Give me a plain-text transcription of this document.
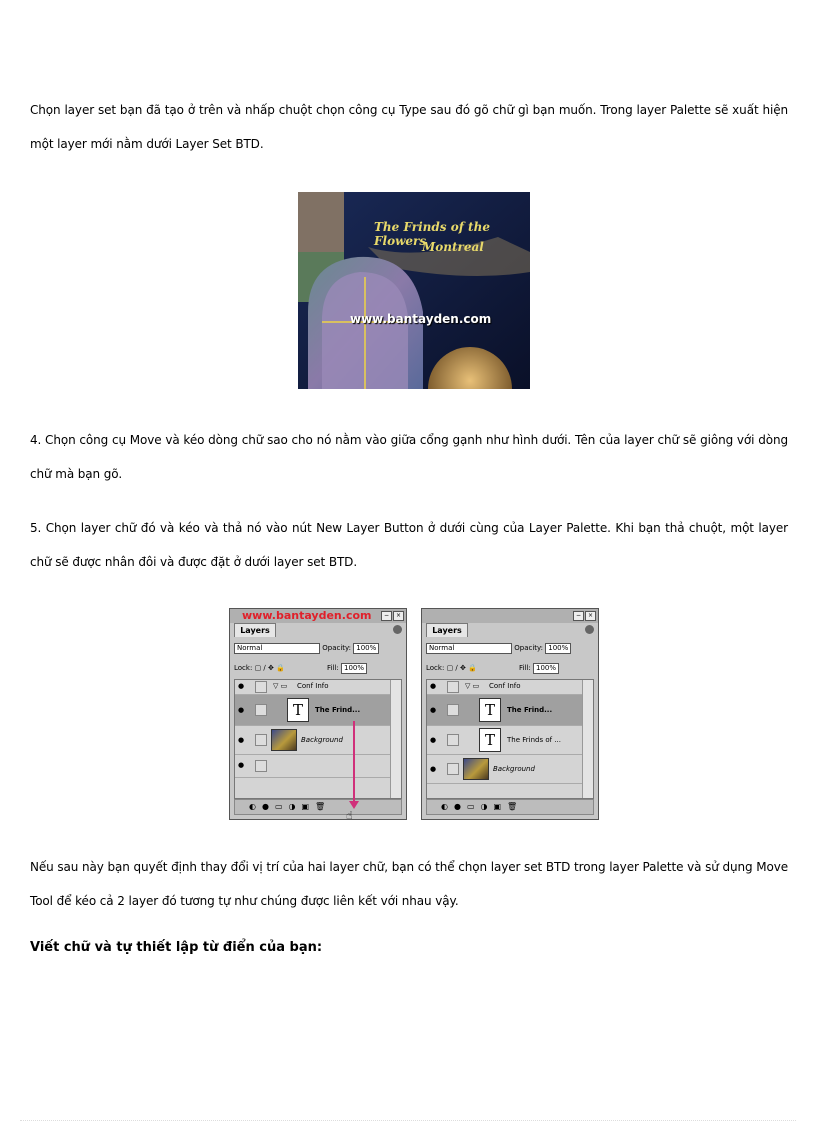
Chọn layer set bạn đã tạo ở trên và nhấp chuột chọn công cụ Type sau đó gõ chữ gì bạn muốn. Trong layer Palette sẽ xuất hiện một layer mới nằm dưới Layer Set BTD.
The Frinds of the Flowers
Montreal
www.bantayden.com
4. Chọn công cụ Move và kéo dòng chữ sao cho nó nằm vào giữa cổng gạnh như hình dưới. Tên của layer chữ sẽ giông với dòng chữ mà bạn gõ.
5. Chọn layer chữ đó và kéo và thả nó vào nút New Layer Button ở dưới cùng của Layer Palette. Khi bạn thả chuột, một layer chữ sẽ được nhân đôi và được đặt ở dưới layer set BTD.
www.bantayden.com	− ×
Layers
Normal	Opacity: 100%
Lock: ▢ ∕ ✥ 🔒	Fill: 100%
●	▽ ▭ Conf Info
●	T	The Frind...
●	Background
●
◐●▭◑▣🗑
☝
− ×
Layers
Normal	Opacity: 100%
Lock: ▢ ∕ ✥ 🔒	Fill: 100%
●	▽ ▭ Conf Info
●	T	The Frind...
●	T	The Frinds of ...
●	Background
◐●▭◑▣🗑
Nếu sau này bạn quyết định thay đổi vị trí của hai layer chữ, bạn có thể chọn layer set BTD trong layer Palette và sử dụng Move Tool để kéo cả 2 layer đó tương tự như chúng được liên kết với nhau vậy.
Viết chữ và tự thiết lập từ điển của bạn:
